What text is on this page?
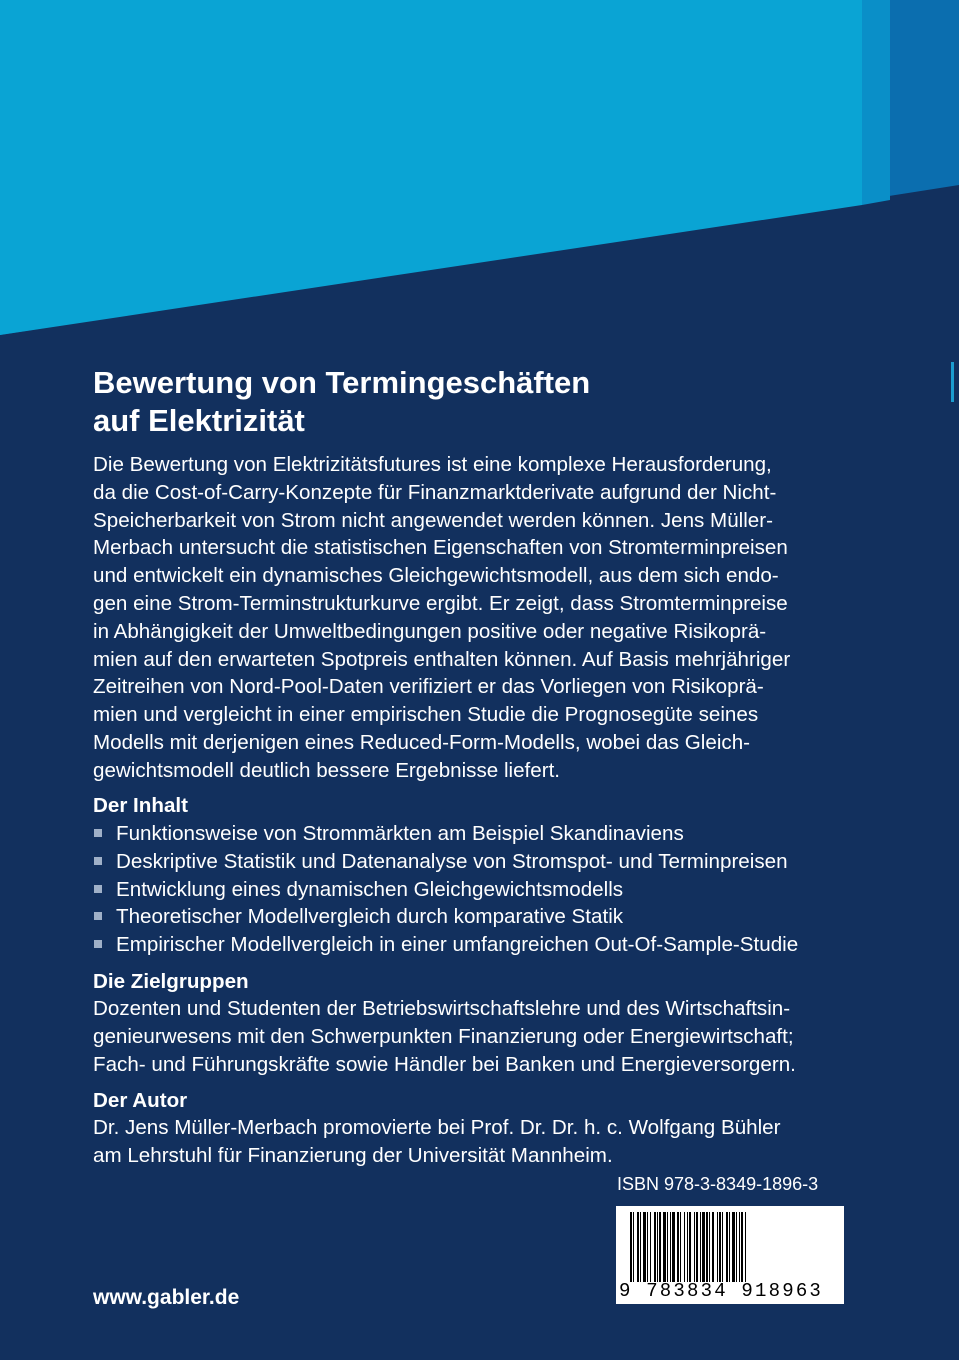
Bewertung von Termingeschäften
auf Elektrizität

Die Bewertung von Elektrizitätsfutures ist eine komplexe Herausforderung,
da die Cost-of-Carry-Konzepte für Finanzmarktderivate aufgrund der Nicht-
Speicherbarkeit von Strom nicht angewendet werden können. Jens Müller-
Merbach untersucht die statistischen Eigenschaften von Stromterminpreisen
und entwickelt ein dynamisches Gleichgewichtsmodell, aus dem sich endo-
gen eine Strom-Terminstrukturkurve ergibt. Er zeigt, dass Stromterminpreise
in Abhängigkeit der Umweltbedingungen positive oder negative Risikoprä-
mien auf den erwarteten Spotpreis enthalten können. Auf Basis mehrjähriger
Zeitreihen von Nord-Pool-Daten verifiziert er das Vorliegen von Risikoprä-
mien und vergleicht in einer empirischen Studie die Prognosegüte seines
Modells mit derjenigen eines Reduced-Form-Modells, wobei das Gleich-
gewichtsmodell deutlich bessere Ergebnisse liefert.

Der Inhalt
Funktionsweise von Strommärkten am Beispiel Skandinaviens
Deskriptive Statistik und Datenanalyse von Stromspot- und Terminpreisen
Entwicklung eines dynamischen Gleichgewichtsmodells
Theoretischer Modellvergleich durch komparative Statik
Empirischer Modellvergleich in einer umfangreichen Out-Of-Sample-Studie
Die Zielgruppen

Dozenten und Studenten der Betriebswirtschaftslehre und des Wirtschaftsin-
genieurwesens mit den Schwerpunkten Finanzierung oder Energiewirtschaft;
Fach- und Führungskräfte sowie Händler bei Banken und Energieversorgern.

Der Autor

Dr. Jens Müller-Merbach promovierte bei Prof. Dr. Dr. h. c. Wolfgang Bühler
am Lehrstuhl für Finanzierung der Universität Mannheim.

ISBN 978-3-8349-1896-3
9 783834 918963
www.gabler.de
